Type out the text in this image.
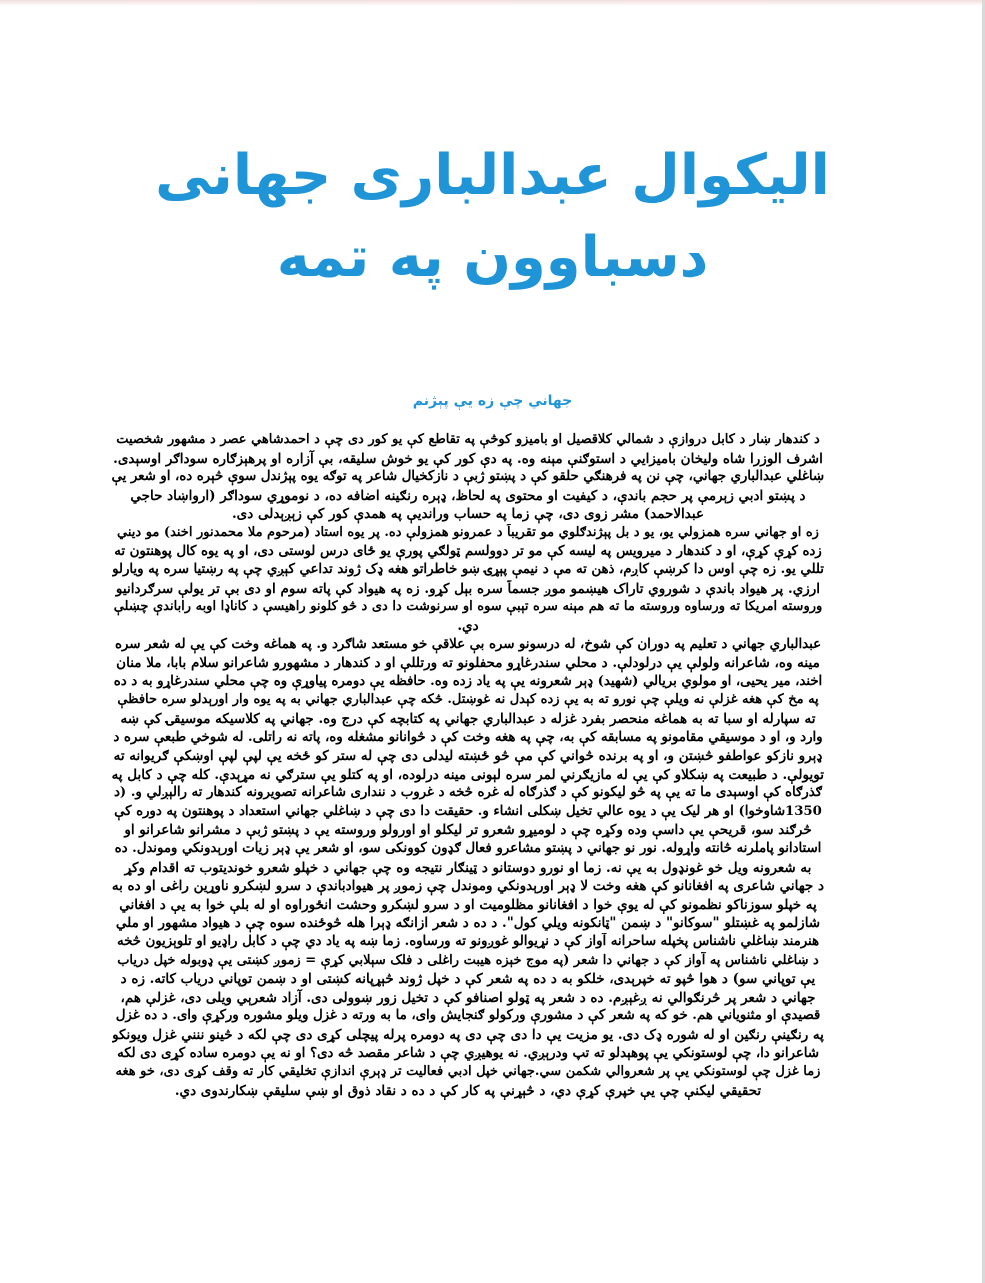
الیکوال عبدالباری جهانی
دسباوون په تمه
جهاني چې زه يې پېژنم

د کندهار ښار د کابل دروازې د شمالي کلاقصيل او باميزو کوڅې په تقاطع کې يو کور دی چې د احمدشاهي عصر د مشهور شخصيت

اشرف الوزرا شاه وليخان باميزايي د استوګنې مېنه وه. په دې کور کې يو خوش سليقه، بې آزاره او پرهېزګاره سوداګر اوسېدی.

ښاغلي عبدالباري جهاني، چې نن په فرهنګي حلقو کې د پښتو ژبې د نازکخيال شاعر په توګه يوه پېژندل سوې څېره ده، او شعر يې

د پښتو ادبي زېرمې پر حجم باندې، د کيفيت او محتوی په لحاظ، ډېره رنګينه اضافه ده، د نوموړي سوداګر (ارواښاد حاجي

عبدالاحمد) مشر زوی دی، چې زما په حساب ورانديې په همدې کور کې زېږېدلی دی.

زه او جهاني سره همزولي يو، يو د بل پېژندګلوي مو تقريباً د عمرونو همزولې ده. پر يوه استاد (مرحوم ملا محمدنور اخند) مو ديني

زده کړې کړې، او د کندهار د ميرويس په ليسه کې مو تر دوولسم ټولګي پورې يو ځای درس لوستی دی، او په يوه کال پوهنتون ته

تللي يو. زه چې اوس دا کرښې کاږم، ذهن ته مې د نيمې پېړۍ ښو خاطراتو هغه ډک ژوند تداعي کېږي چې په رښتيا سره په ويارلو

ارزي. پر هيواد باندې د شوروي تاراک هيښمو موږ جسماً سره بېل کړو. زه په هيواد کې پاته سوم او دی بې تر يولې سرګردانيو

وروسته امريکا ته ورساوه وروسته ما ته هم مېنه سره تېبې سوه او سرنوشت دا دی د څو کلونو راهيسې د کاناډا اوبه راباندې چښلې

دي.

عبدالباري جهاني د تعليم په دوران کې شوخ، له درسونو سره بې علاقې خو مستعد شاګرد و. په هماغه وخت کې يې له شعر سره

مينه وه، شاعرانه ولولې يې درلودلې. د محلي سندرغاړو محفلونو ته ورتللې او د کندهار د مشهورو شاعرانو سلام بابا، ملا منان

اخند، مير يحيی، او مولوي بريالي (شهيد) ډېر شعرونه يې په ياد زده وه. حافظه يې دومره پياوړې وه چې محلي سندرغاړو به د ده

په مخ کې هغه غزلې نه ويلې چې نورو ته به يې زده کېدل نه غوښتل. څکه چې عبدالباري جهاني به په يوه وار اورېدلو سره حافظې

ته سپارله او سبا ته به هماغه منحصر بفرد غزله د عبدالباري جهاني په کتابچه کې درج وه. جهاني په کلاسيکه موسيقۍ کې ښه

وارد و، او د موسيقي مقامونو په مسابقه کې به، چې په هغه وخت کې د څوانانو مشغله وه، پاته نه راتلی. له شوخي طبعې سره د

ډېرو نازکو عواطفو څښتن و، او په برنده څواني کې مې څو ځښته ليدلی دی چې له ستر کو ځخه يې لپې لپې اوښکې ګريوانه ته

تويولې. د طبيعت په ښکلاو کې يې له مازيګرني لمر سره لېونی مينه درلوده، او په کتلو يې سترګي نه مړېدې. کله چې د کابل په

ګذرګاه کې اوسېدی ما ته يې په څو ليکونو کې د ګذرګاه له غره څخه د غروب د ننداری شاعرانه تصويرونه کندهار ته رالېږلي و. (د

1350شاوخوا) او هر ليک يې د يوه عالي تخيل ښکلی انشاء و. حقيقت دا دی چې د ښاغلي جهاني استعداد د پوهنتون په دوره کې

څرګند سو، قريحې يې داسې وده وکړه چې د لوميړو شعرو تر ليکلو او اورولو وروسته يې د پښتو ژبې د مشرانو شاعرانو او

استادانو پاملرنه څانته واړوله. نور نو جهاني د پښتو مشاعرو فعال ګډون کوونکی سو، او شعر يې ډېر زيات اورېدونکي وموندل. ده

به شعرونه ويل خو غونډول به يې نه. زما او نورو دوستانو د ټينګار نتيجه وه چې جهاني د خپلو شعرو خونديتوب ته اقدام وکړ

د جهاني شاعری په افغانانو کې هغه وخت لا ډېر اورېدونکي وموندل چې زموږ پر هيوادباندې د سرو لښکرو ناوړين راغی او ده به

په خپلو سوزناکو نظمونو کې له يوې خوا د افغانانو مظلوميت او د سرو لښکرو وحشت انځوراوه او له بلې خوا به يې د افغاني

شازلمو په غښتلو "سوکانو" د ښمن "ټانکونه ويلي کول". د ده د شعر ازانګه ډېرا هله څوځنده سوه چې د هيواد مشهور او ملي

هنرمند ښاغلي ناشناس پخپله ساحرانه آواز کې د نړيوالو غوږونو ته ورساوه. زما ښه په ياد دي چې د کابل راډيو او تلوېزيون څخه

د ښاغلي ناشناس په آواز کې د جهاني دا شعر (په موج خېزه هيبت راغلی د فلک سېلابي کړې = زموږ کښتی يې ډوبوله خپل درياب

يې توپاني سو) د هوا څپو ته خپرېدی، خلکو به د ده په شعر کې د خپل ژوند څېړپانه کښتی او د ښمن توپاني درياب کاته. زه د

جهاني د شعر پر څرنګوالي نه ږغېږم. ده د شعر په ټولو اصنافو کې د تخيل زور ښوولی دی. آزاد شعرېي ويلی دی، غزلې هم،

قصيدې او مثنوياني هم. خو که په شعر کې د مشورې ورکولو ګنجايش وای، ما به ورته د غزل ويلو مشوره ورکړې وای. د ده غزل

په رنګينې رنګين او له شوره ډک دی. يو مزيت يې دا دی چې دی په دومره پرله پيچلی کړی دی چې لکه د څينو ننني غزل ويونکو

شاعرانو دا، چې لوستونکي يې پوهېدلو ته تپ ودرېږي. نه يوهيږي چې د شاعر مقصد څه دی؟ او نه يې دومره ساده کړی دی لکه

زما غزل چې لوستونکي يې پر شعروالي شکمن سي.جهاني خپل ادبي فعاليت تر ډېرې اندازې تخليقي کار ته وقف کړی دی، خو هغه

تحقيقي ليکنې چې يې خپرې کړې دي، د څېړنې په کار کې د ده د نقاد ذوق او ښې سليقې ښکارندوی دي.
